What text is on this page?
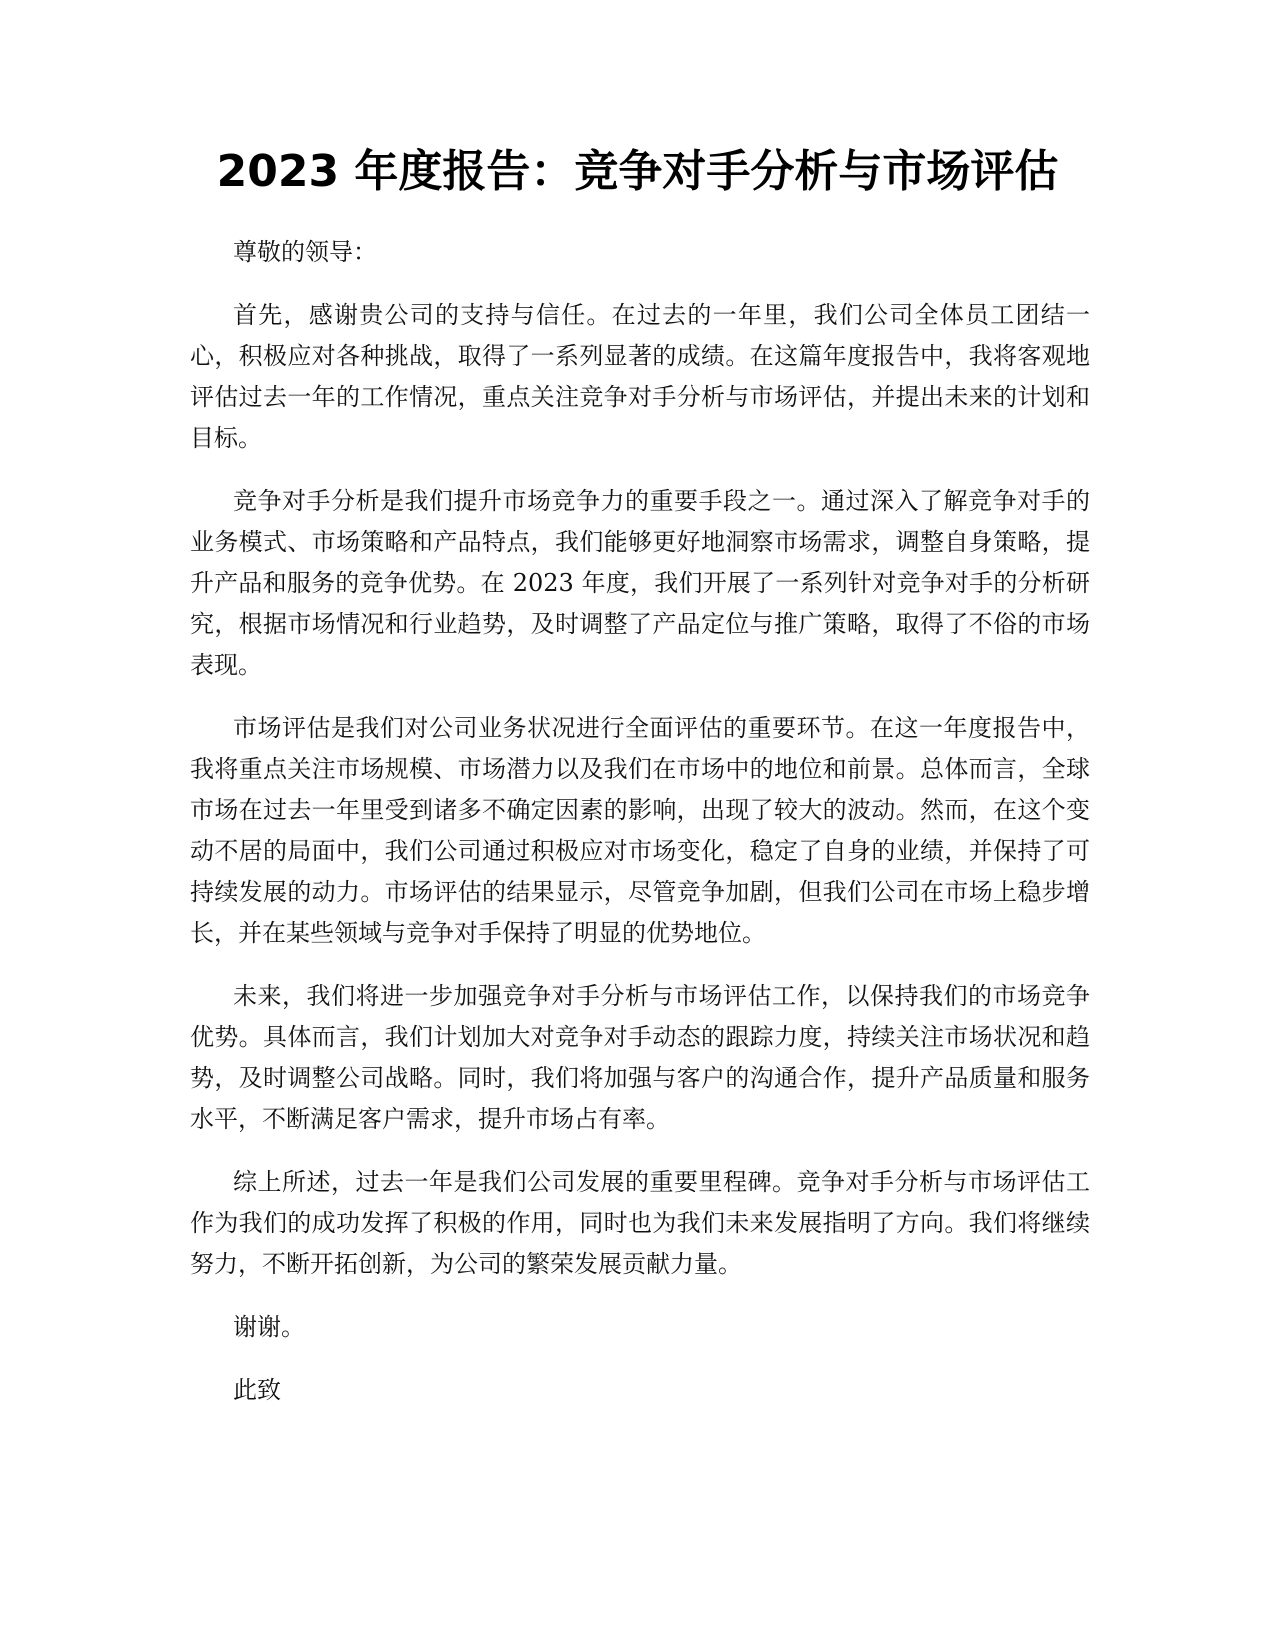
2023 年度报告：竞争对手分析与市场评估

尊敬的领导：

首先，感谢贵公司的支持与信任。在过去的一年里，我们公司全体员工团结一心，积极应对各种挑战，取得了一系列显著的成绩。在这篇年度报告中，我将客观地评估过去一年的工作情况，重点关注竞争对手分析与市场评估，并提出未来的计划和目标。

竞争对手分析是我们提升市场竞争力的重要手段之一。通过深入了解竞争对手的业务模式、市场策略和产品特点，我们能够更好地洞察市场需求，调整自身策略，提升产品和服务的竞争优势。在 2023 年度，我们开展了一系列针对竞争对手的分析研究，根据市场情况和行业趋势，及时调整了产品定位与推广策略，取得了不俗的市场表现。

市场评估是我们对公司业务状况进行全面评估的重要环节。在这一年度报告中，我将重点关注市场规模、市场潜力以及我们在市场中的地位和前景。总体而言，全球市场在过去一年里受到诸多不确定因素的影响，出现了较大的波动。然而，在这个变动不居的局面中，我们公司通过积极应对市场变化，稳定了自身的业绩，并保持了可持续发展的动力。市场评估的结果显示，尽管竞争加剧，但我们公司在市场上稳步增长，并在某些领域与竞争对手保持了明显的优势地位。

未来，我们将进一步加强竞争对手分析与市场评估工作，以保持我们的市场竞争优势。具体而言，我们计划加大对竞争对手动态的跟踪力度，持续关注市场状况和趋势，及时调整公司战略。同时，我们将加强与客户的沟通合作，提升产品质量和服务水平，不断满足客户需求，提升市场占有率。

综上所述，过去一年是我们公司发展的重要里程碑。竞争对手分析与市场评估工作为我们的成功发挥了积极的作用，同时也为我们未来发展指明了方向。我们将继续努力，不断开拓创新，为公司的繁荣发展贡献力量。

谢谢。

此致
